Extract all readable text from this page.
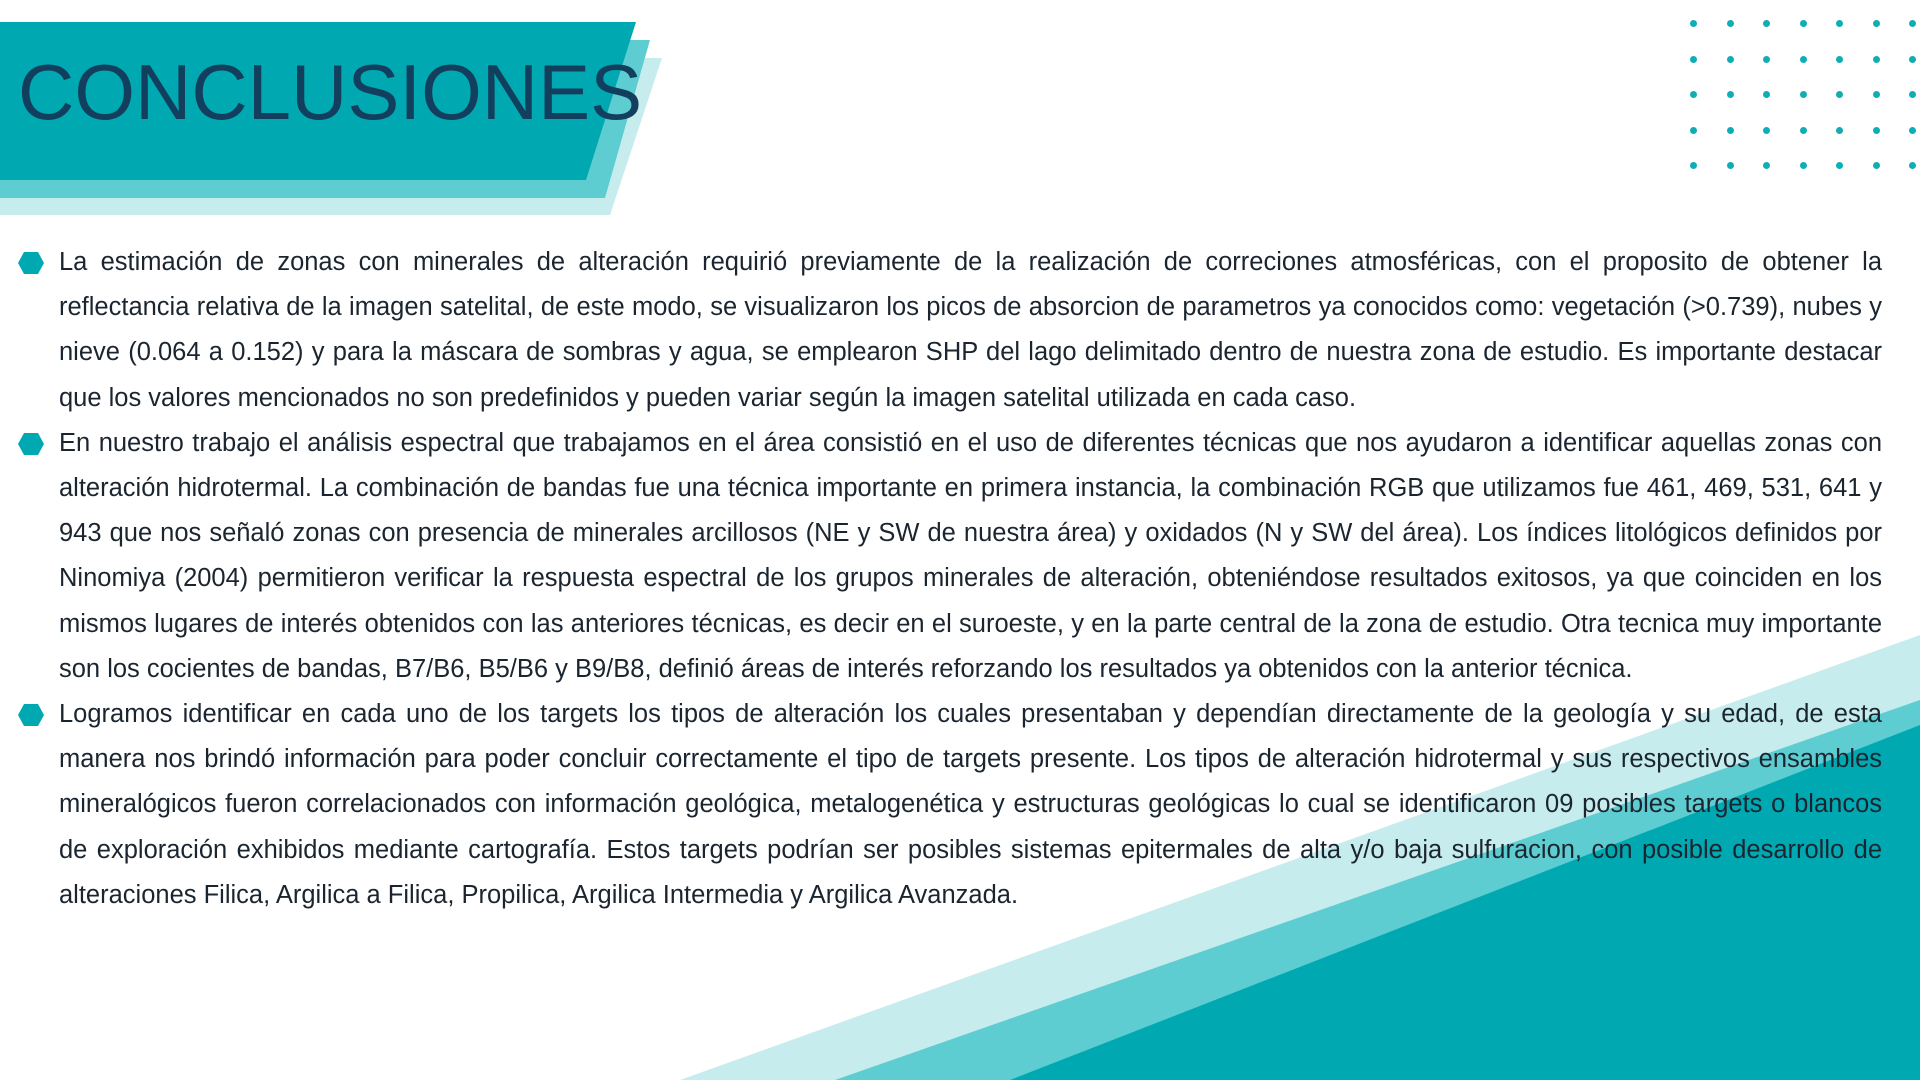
CONCLUSIONES

La estimación de zonas con minerales de alteración requirió previamente de la realización de correciones atmosféricas, con el proposito de obtener la reflectancia relativa de la imagen satelital, de este modo, se visualizaron los picos de absorcion de parametros ya conocidos como: vegetación (>0.739), nubes y nieve (0.064 a 0.152) y para la máscara de sombras y agua, se emplearon SHP del lago delimitado dentro de nuestra zona de estudio. Es importante destacar que los valores mencionados no son predefinidos y pueden variar según la imagen satelital utilizada en cada caso.

En nuestro trabajo el análisis espectral que trabajamos en el área consistió en el uso de diferentes técnicas que nos ayudaron a identificar aquellas zonas con alteración hidrotermal. La combinación de bandas fue una técnica importante en primera instancia, la combinación RGB que utilizamos fue 461, 469, 531, 641 y 943 que nos señaló zonas con presencia de minerales arcillosos (NE y SW de nuestra área) y oxidados (N y SW del área). Los índices litológicos definidos por Ninomiya (2004) permitieron verificar la respuesta espectral de los grupos minerales de alteración, obteniéndose resultados exitosos, ya que coinciden en los mismos lugares de interés obtenidos con las anteriores técnicas, es decir en el suroeste, y en la parte central de la zona de estudio. Otra tecnica muy importante son los cocientes de bandas, B7/B6, B5/B6 y B9/B8, definió áreas de interés reforzando los resultados ya obtenidos con la anterior técnica.

Logramos identificar en cada uno de los targets los tipos de alteración los cuales presentaban y dependían directamente de la geología y su edad, de esta manera nos brindó información para poder concluir correctamente el tipo de targets presente. Los tipos de alteración hidrotermal y sus respectivos ensambles mineralógicos fueron correlacionados con información geológica, metalogenética y estructuras geológicas lo cual se identificaron 09 posibles targets o blancos de exploración exhibidos mediante cartografía. Estos targets podrían ser posibles sistemas epitermales de alta y/o baja sulfuracion, con posible desarrollo de alteraciones Filica, Argilica a Filica, Propilica, Argilica Intermedia y Argilica Avanzada.
